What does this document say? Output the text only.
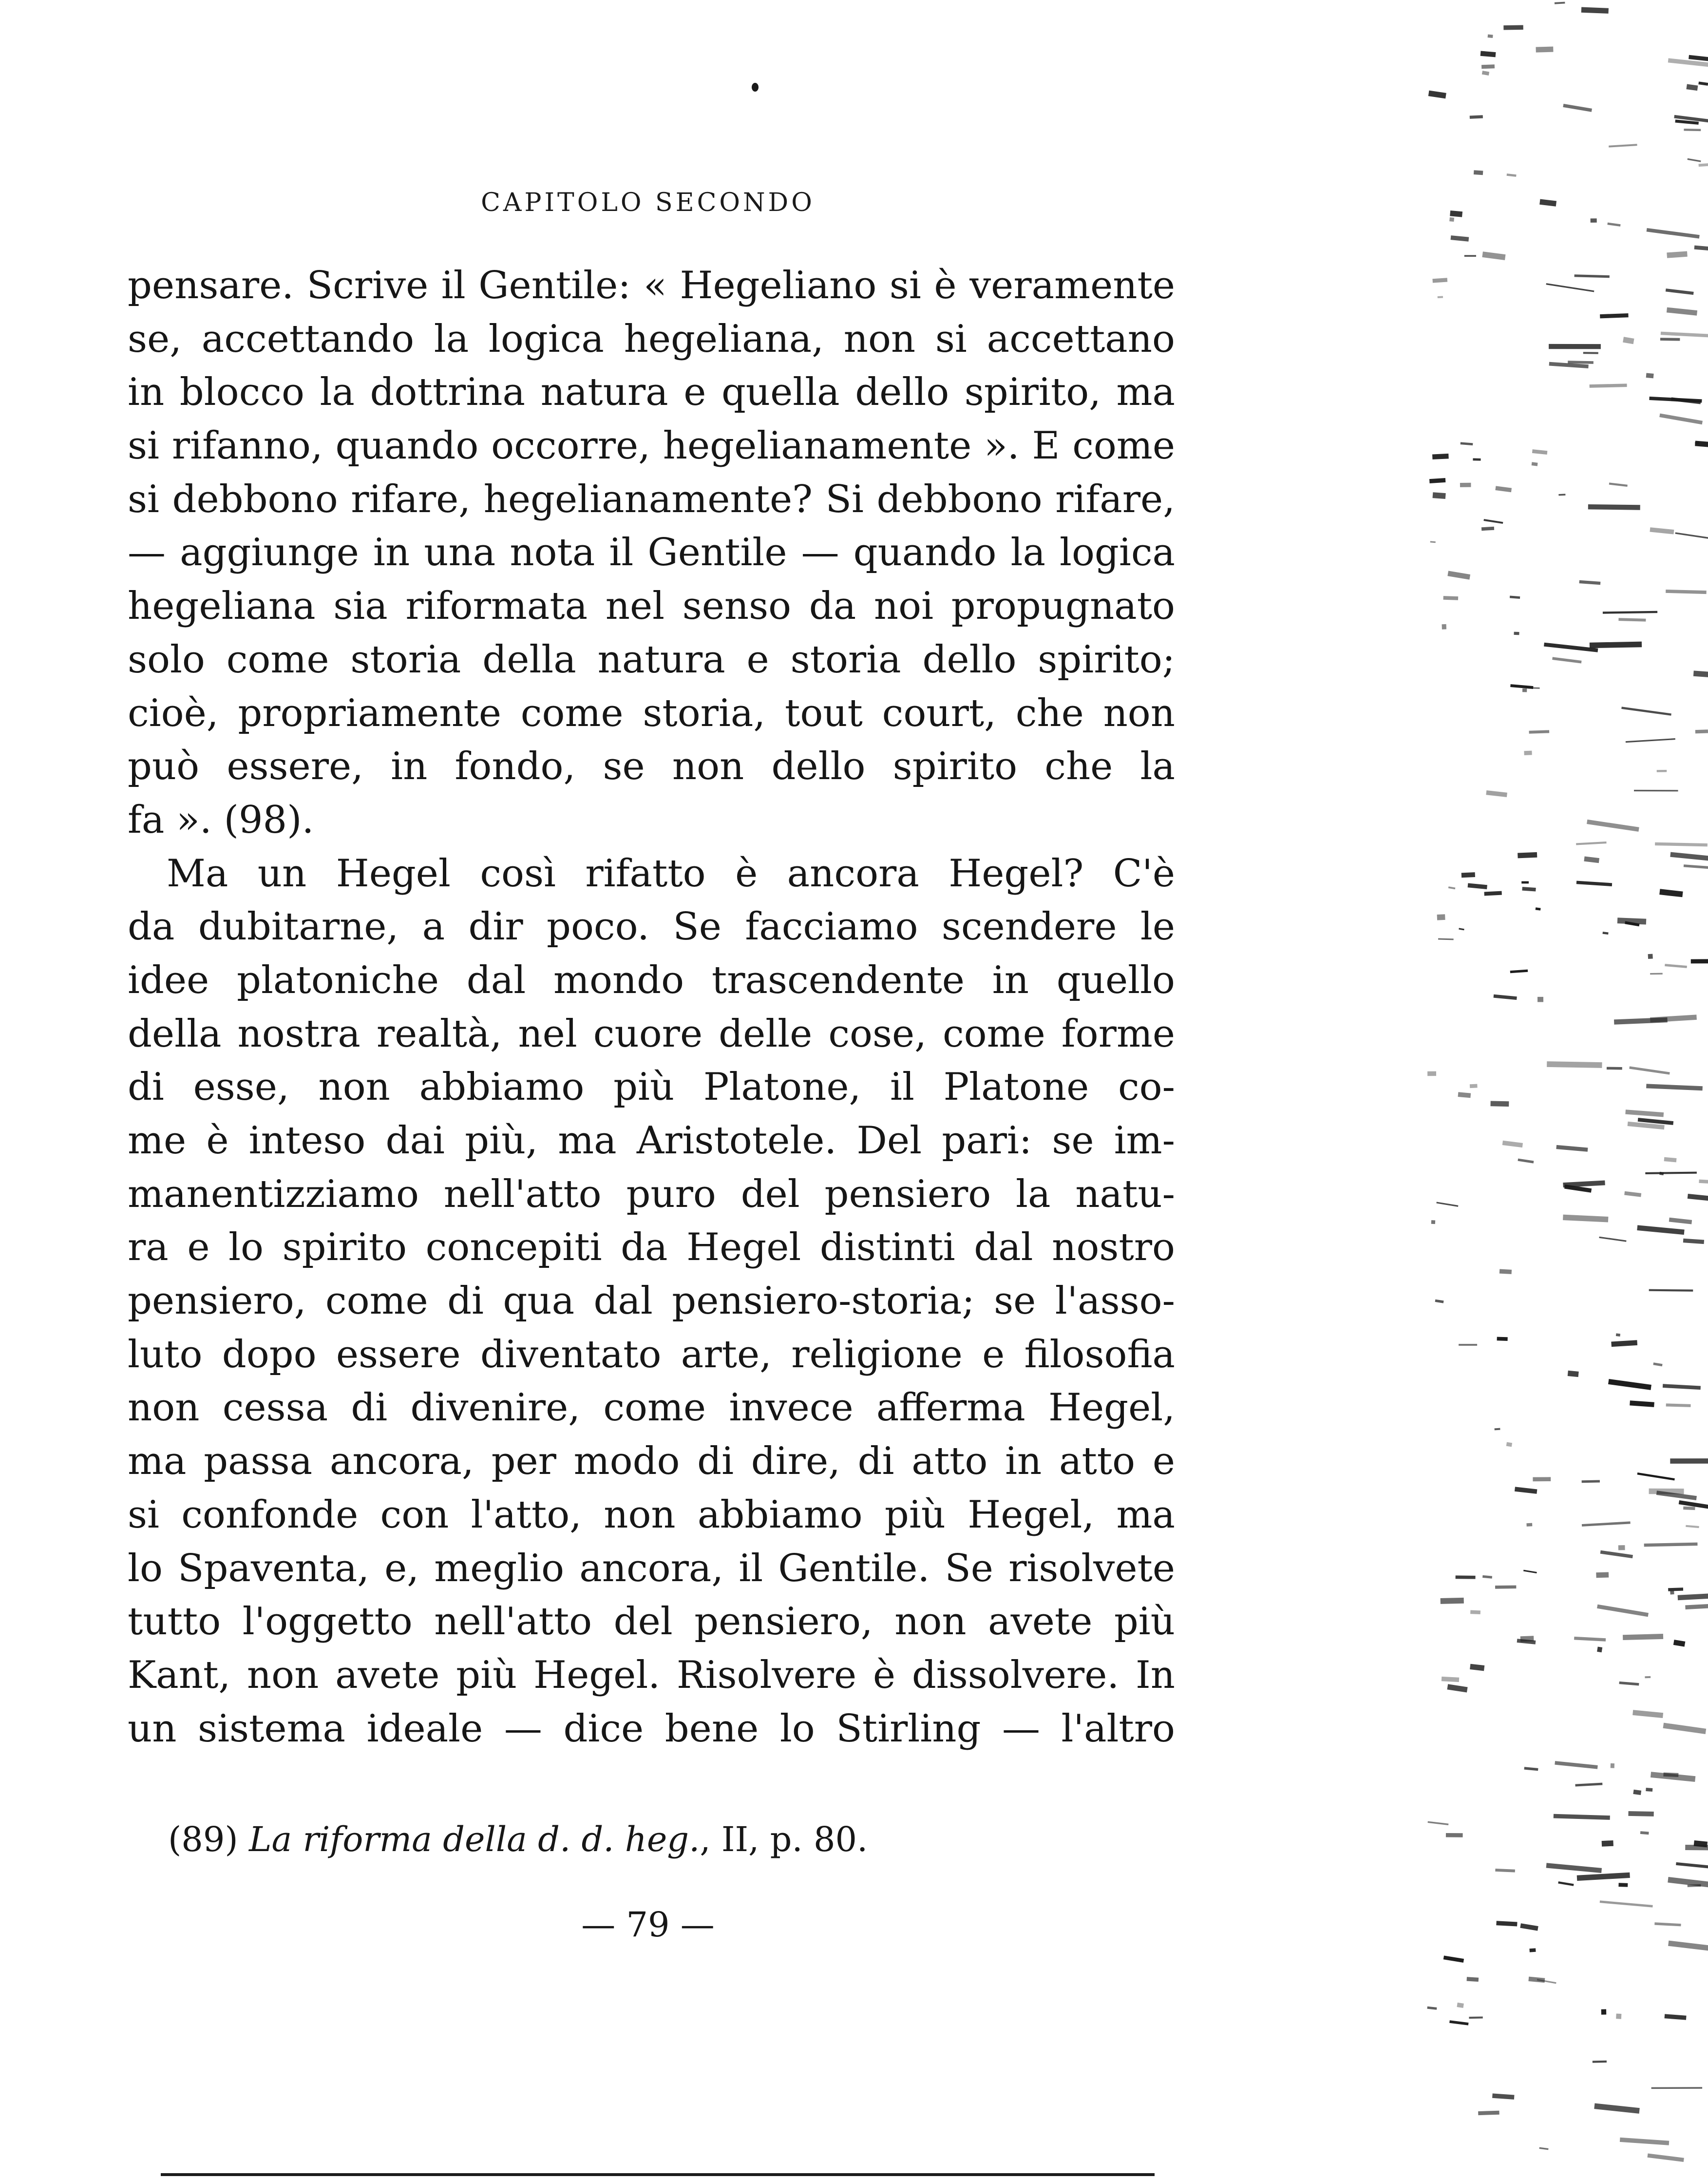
CAPITOLO SECONDO
pensare. Scrive il Gentile: « Hegeliano si è veramente
se, accettando la logica hegeliana, non si accettano
in blocco la dottrina natura e quella dello spirito, ma
si rifanno, quando occorre, hegelianamente ». E come
si debbono rifare, hegelianamente? Si debbono rifare,
— aggiunge in una nota il Gentile — quando la logica
hegeliana sia riformata nel senso da noi propugnato
solo come storia della natura e storia dello spirito;
cioè, propriamente come storia, tout court, che non
può essere, in fondo, se non dello spirito che la
fa ». (98).
Ma un Hegel così rifatto è ancora Hegel? C'è
da dubitarne, a dir poco. Se facciamo scendere le
idee platoniche dal mondo trascendente in quello
della nostra realtà, nel cuore delle cose, come forme
di esse, non abbiamo più Platone, il Platone co-
me è inteso dai più, ma Aristotele. Del pari: se im-
manentizziamo nell'atto puro del pensiero la natu-
ra e lo spirito concepiti da Hegel distinti dal nostro
pensiero, come di qua dal pensiero-storia; se l'asso-
luto dopo essere diventato arte, religione e filosofia
non cessa di divenire, come invece afferma Hegel,
ma passa ancora, per modo di dire, di atto in atto e
si confonde con l'atto, non abbiamo più Hegel, ma
lo Spaventa, e, meglio ancora, il Gentile. Se risolvete
tutto l'oggetto nell'atto del pensiero, non avete più
Kant, non avete più Hegel. Risolvere è dissolvere. In
un sistema ideale — dice bene lo Stirling — l'altro
(89) La riforma della d. d. heg., II, p. 80.
— 79 —
